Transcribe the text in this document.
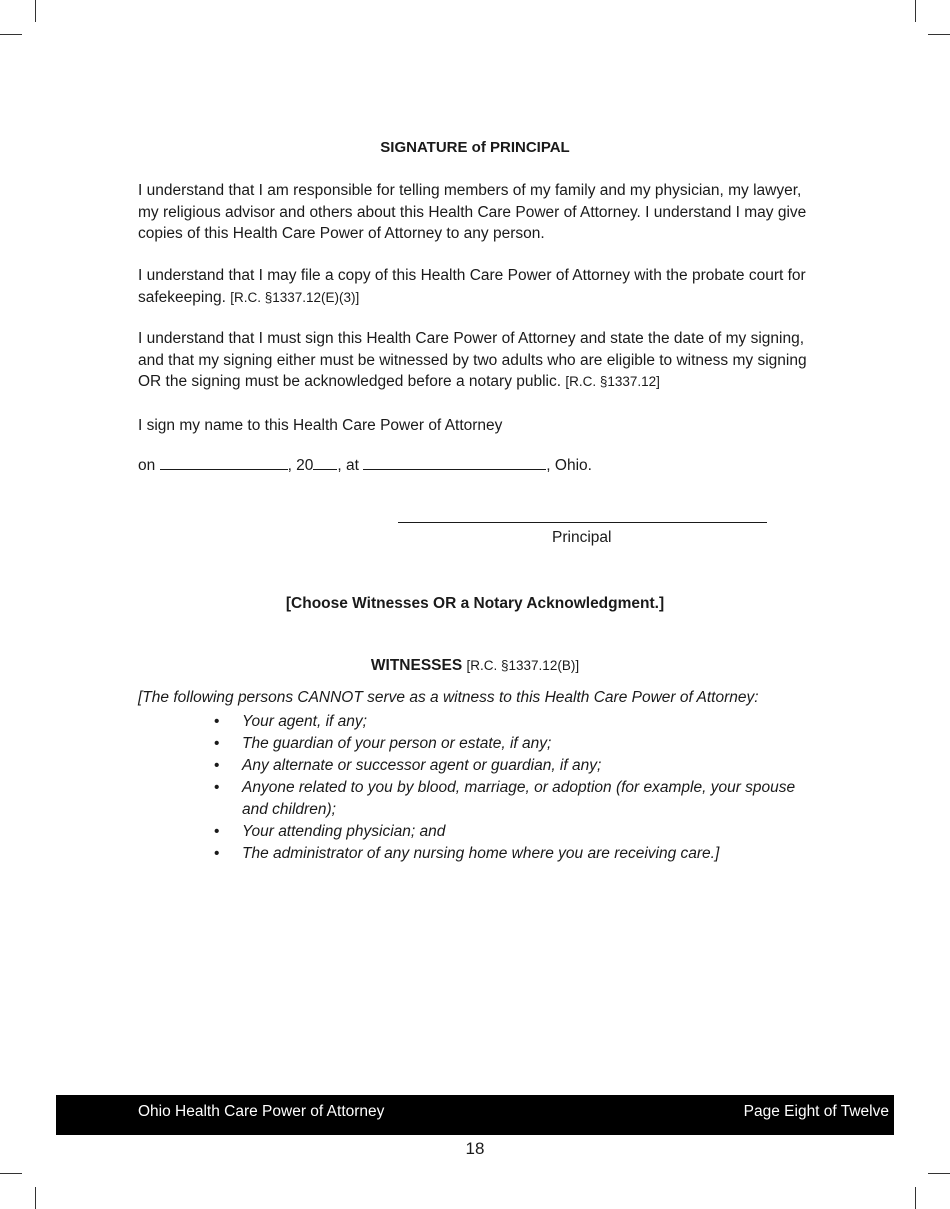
SIGNATURE of PRINCIPAL

I understand that I am responsible for telling members of my family and my physician, my lawyer, my religious advisor and others about this Health Care Power of Attorney. I understand I may give copies of this Health Care Power of Attorney to any person.

I understand that I may file a copy of this Health Care Power of Attorney with the probate court for safekeeping. [R.C. §1337.12(E)(3)]

I understand that I must sign this Health Care Power of Attorney and state the date of my signing, and that my signing either must be witnessed by two adults who are eligible to witness my signing OR the signing must be acknowledged before a notary public. [R.C. §1337.12]

I sign my name to this Health Care Power of Attorney

on	, 20 , at	, Ohio.

Principal
[Choose Witnesses OR a Notary Acknowledgment.]
WITNESSES [R.C. §1337.12(B)]
[The following persons CANNOT serve as a witness to this Health Care Power of Attorney:
• Your agent, if any;
• The guardian of your person or estate, if any;
• Any alternate or successor agent or guardian, if any;
• Anyone related to you by blood, marriage, or adoption (for example, your spouse and children);
• Your attending physician; and
• The administrator of any nursing home where you are receiving care.]
Ohio Health Care Power of Attorney	Page Eight of Twelve
18
